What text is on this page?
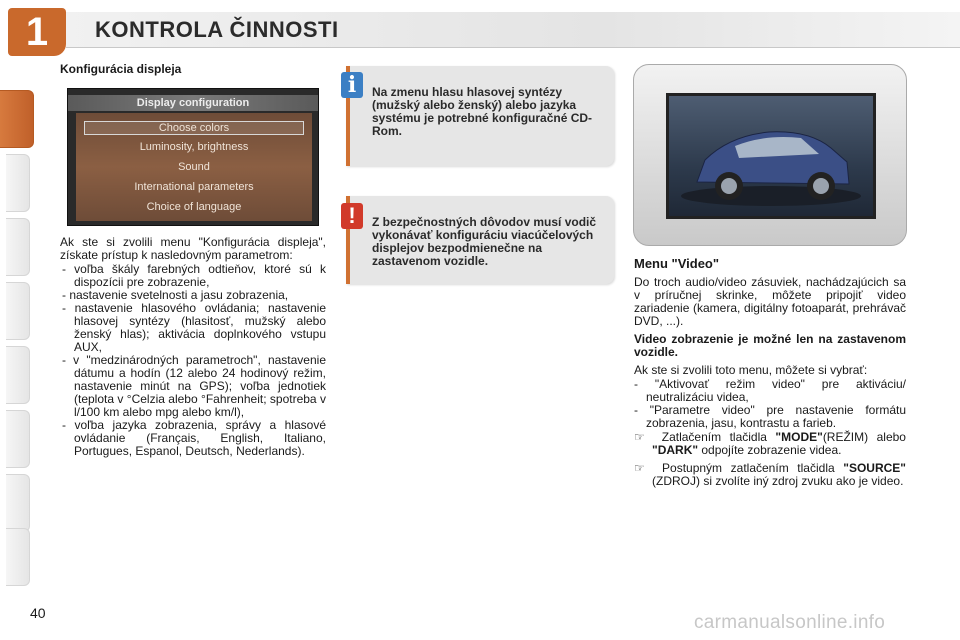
1	KONTROLA ČINNOSTI
Konfigurácia displeja
Display configuration
Choose colors
Luminosity, brightness
Sound
International parameters
Choice of language

Ak ste si zvolili menu "Konfigurácia displeja", získate prístup k nasledovným parametrom:

- voľba škály farebných odtieňov, ktoré sú k dispozícii pre zobrazenie,
- nastavenie svetelnosti a jasu zobrazenia,
- nastavenie hlasového ovládania; nastavenie hlasovej syntézy (hlasitosť, mužský alebo ženský hlas); aktivácia doplnkového vstupu AUX,
- v "medzinárodných parametroch", nastavenie dátumu a hodín (12 alebo 24 hodinový režim, nastavenie minút na GPS); voľba jednotiek (teplota v °Celzia alebo °Fahrenheit; spotreba v l/100 km alebo mpg alebo km/l),
- voľba jazyka zobrazenia, správy a hlasové ovládanie (Français, English, Italiano, Portugues, Espanol, Deutsch, Nederlands).
Na zmenu hlasu hlasovej syntézy (mužský alebo ženský) alebo jazyka systému je potrebné konfiguračné CD-Rom.
i
Z bezpečnostných dôvodov musí vodič vykonávať konfiguráciu viacúčelových displejov bezpodmienečne na zastavenom vozidle.
!
Menu "Video"

Do troch audio/video zásuviek, nachádzajúcich sa v príručnej skrinke, môžete pripojiť video zariadenie (kamera, digitálny fotoaparát, prehrávač DVD, ...).

Video zobrazenie je možné len na zastavenom vozidle.

Ak ste si zvolili toto menu, môžete si vybrať:

- "Aktivovať režim video" pre aktiváciu/ neutralizáciu videa,
- "Parametre video" pre nastavenie formátu zobrazenia, jasu, kontrastu a farieb.
☞ Zatlačením tlačidla "MODE"(REŽIM) alebo "DARK" odpojíte zobrazenie videa.
☞ Postupným zatlačením tlačidla "SOURCE"(ZDROJ) si zvolíte iný zdroj zvuku ako je video.
40	carmanualsonline.info
